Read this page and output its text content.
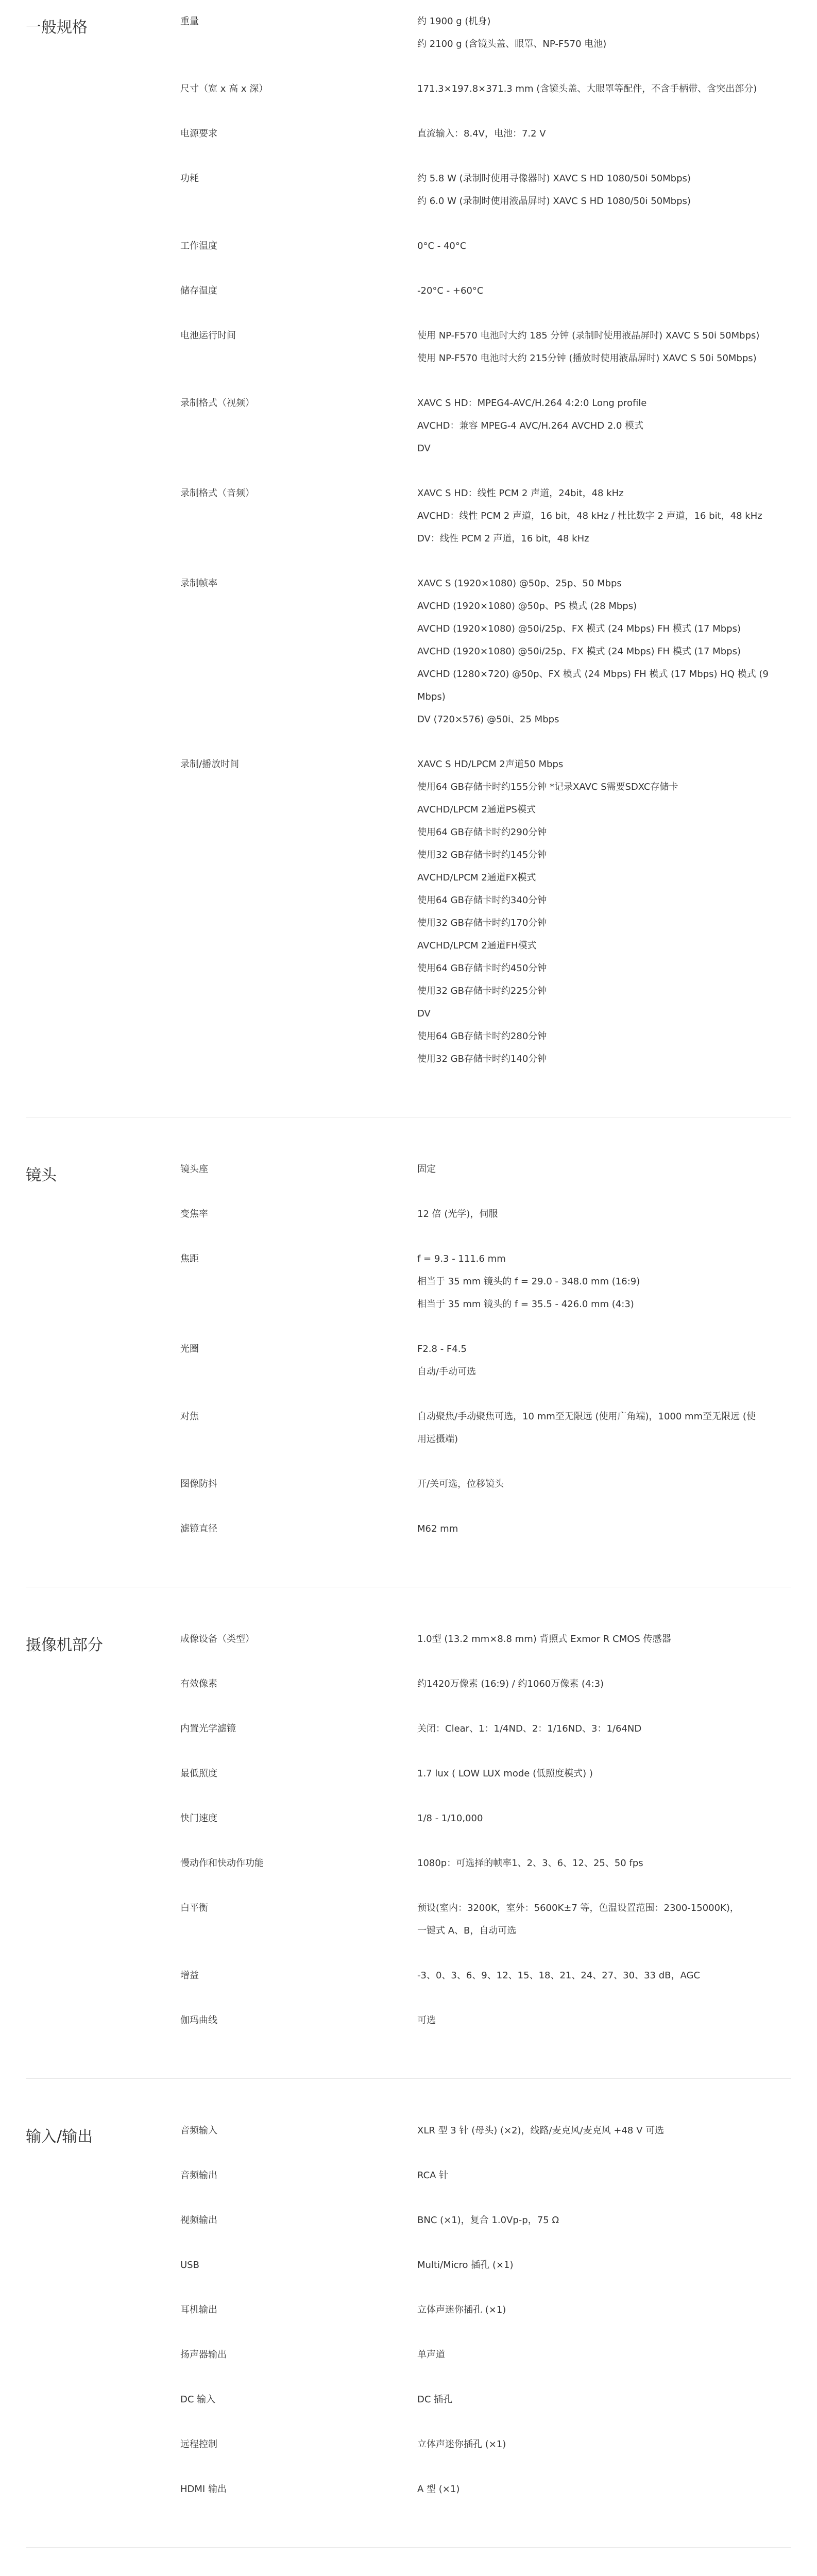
一般规格	重量	约 1900 g (机身)
约 2100 g (含镜头盖、眼罩、NP-F570 电池)
尺寸（宽 x 高 x 深）	171.3×197.8×371.3 mm (含镜头盖、大眼罩等配件，不含手柄带、含突出部分)
电源要求	直流输入：8.4V，电池：7.2 V
功耗	约 5.8 W (录制时使用寻像器时) XAVC S HD 1080/50i 50Mbps)
约 6.0 W (录制时使用液晶屏时) XAVC S HD 1080/50i 50Mbps)
工作温度	0°C - 40°C
储存温度	-20°C - +60°C
电池运行时间	使用 NP-F570 电池时大约 185 分钟 (录制时使用液晶屏时) XAVC S 50i 50Mbps)
使用 NP-F570 电池时大约 215分钟 (播放时使用液晶屏时) XAVC S 50i 50Mbps)
录制格式（视频）	XAVC S HD：MPEG4-AVC/H.264 4:2:0 Long profile
AVCHD：兼容 MPEG-4 AVC/H.264 AVCHD 2.0 模式
DV
录制格式（音频）	XAVC S HD：线性 PCM 2 声道，24bit，48 kHz
AVCHD：线性 PCM 2 声道，16 bit，48 kHz / 杜比数字 2 声道，16 bit，48 kHz
DV：线性 PCM 2 声道，16 bit，48 kHz
录制帧率	XAVC S (1920×1080) @50p、25p、50 Mbps
AVCHD (1920×1080) @50p、PS 模式 (28 Mbps)
AVCHD (1920×1080) @50i/25p、FX 模式 (24 Mbps) FH 模式 (17 Mbps)
AVCHD (1920×1080) @50i/25p、FX 模式 (24 Mbps) FH 模式 (17 Mbps)
AVCHD (1280×720) @50p、FX 模式 (24 Mbps) FH 模式 (17 Mbps) HQ 模式 (9
Mbps)
DV (720×576) @50i、25 Mbps
录制/播放时间	XAVC S HD/LPCM 2声道50 Mbps
使用64 GB存储卡时约155分钟 *记录XAVC S需要SDXC存储卡
AVCHD/LPCM 2通道PS模式
使用64 GB存储卡时约290分钟
使用32 GB存储卡时约145分钟
AVCHD/LPCM 2通道FX模式
使用64 GB存储卡时约340分钟
使用32 GB存储卡时约170分钟
AVCHD/LPCM 2通道FH模式
使用64 GB存储卡时约450分钟
使用32 GB存储卡时约225分钟
DV
使用64 GB存储卡时约280分钟
使用32 GB存储卡时约140分钟
镜头	镜头座	固定
变焦率	12 倍 (光学)，伺服
焦距	f = 9.3 - 111.6 mm
相当于 35 mm 镜头的 f = 29.0 - 348.0 mm (16:9)
相当于 35 mm 镜头的 f = 35.5 - 426.0 mm (4:3)
光圈	F2.8 - F4.5
自动/手动可选
对焦	自动聚焦/手动聚焦可选，10 mm至无限远 (使用广角端)，1000 mm至无限远 (使
用远摄端)
图像防抖	开/关可选，位移镜头
滤镜直径	M62 mm
摄像机部分	成像设备（类型）	1.0型 (13.2 mm×8.8 mm) 背照式 Exmor R CMOS 传感器
有效像素	约1420万像素 (16:9) / 约1060万像素 (4:3)
内置光学滤镜	关闭：Clear、1：1/4ND、2：1/16ND、3：1/64ND
最低照度	1.7 lux ( LOW LUX mode (低照度模式) )
快门速度	1/8 - 1/10,000
慢动作和快动作功能	1080p：可选择的帧率1、2、3、6、12、25、50 fps
白平衡	预设(室内：3200K，室外：5600K±7 等，色温设置范围：2300-15000K)，
一键式 A、B，自动可选
增益	-3、0、3、6、9、12、15、18、21、24、27、30、33 dB，AGC
伽玛曲线	可选
输入/输出	音频输入	XLR 型 3 针 (母头) (×2)，线路/麦克风/麦克风 +48 V 可选
音频输出	RCA 针
视频输出	BNC (×1)，复合 1.0Vp-p，75 Ω
USB	Multi/Micro 插孔 (×1)
耳机输出	立体声迷你插孔 (×1)
扬声器输出	单声道
DC 输入	DC 插孔
远程控制	立体声迷你插孔 (×1)
HDMI 输出	A 型 (×1)
